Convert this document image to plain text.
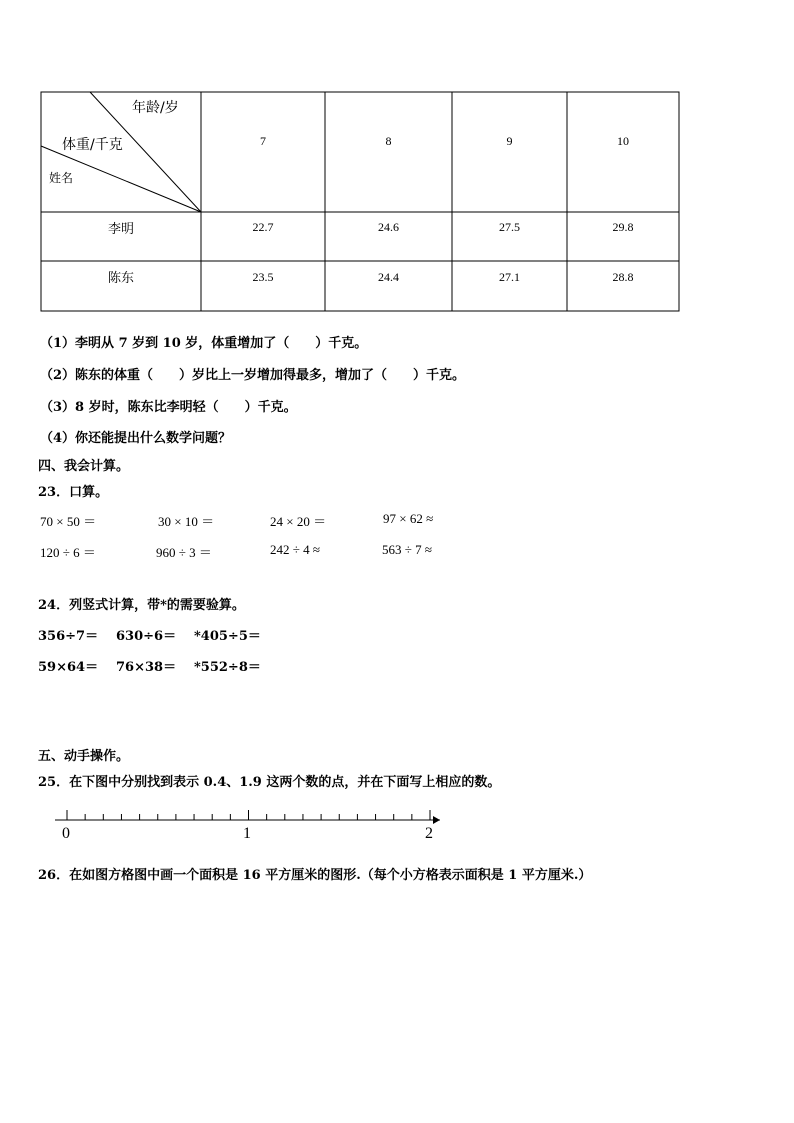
年龄/岁
体重/千克
姓名
7	8	9	10
李明	22.7	24.6	27.5	29.8
陈东	23.5	24.4	27.1	28.8
（1）李明从 7 岁到 10 岁，体重增加了（　　）千克。
（2）陈东的体重（　　）岁比上一岁增加得最多，增加了（　　）千克。
（3）8 岁时，陈东比李明轻（　　）千克。
（4）你还能提出什么数学问题？
四、我会计算。
23．口算。
70 × 50 ＝	30 × 10 ＝	24 × 20 ＝	97 × 62 ≈
120 ÷ 6 ＝	960 ÷ 3 ＝	242 ÷ 4 ≈	563 ÷ 7 ≈
24．列竖式计算，带*的需要验算。
356÷7＝ 630÷6＝ *405÷5＝
59×64＝ 76×38＝ *552÷8＝
五、动手操作。
25．在下图中分别找到表示 0.4、1.9 这两个数的点，并在下面写上相应的数。
0	1	2
26．在如图方格图中画一个面积是 16 平方厘米的图形.（每个小方格表示面积是 1 平方厘米.）
